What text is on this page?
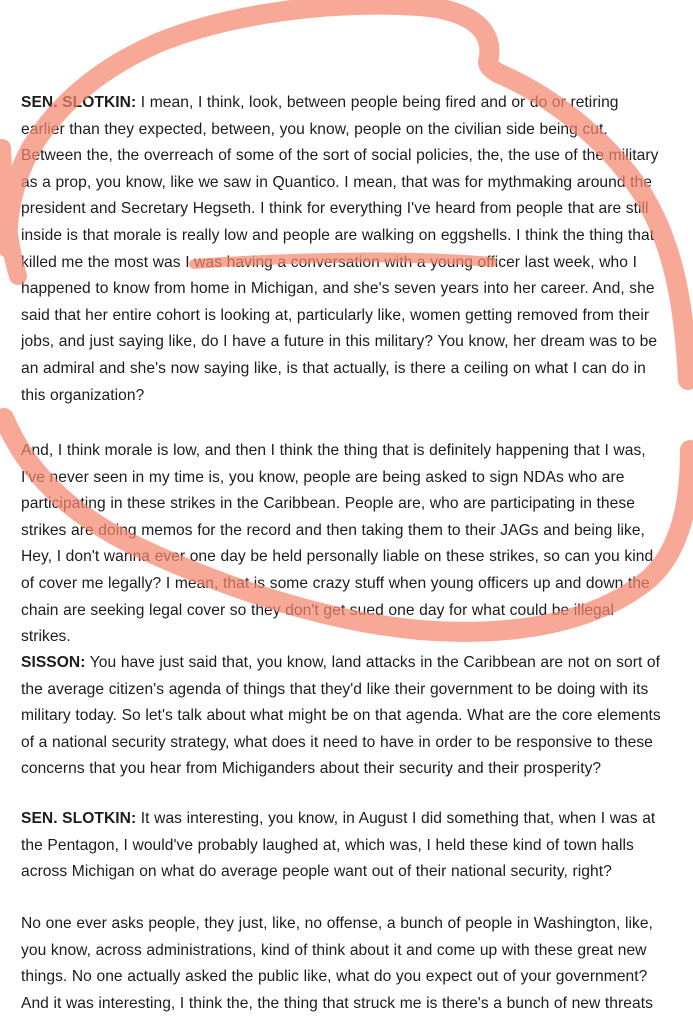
SEN. SLOTKIN: I mean, I think, look, between people being fired and or do or retiring earlier than they expected, between, you know, people on the civilian side being cut. Between the, the overreach of some of the sort of social policies, the, the use of the military as a prop, you know, like we saw in Quantico. I mean, that was for mythmaking around the president and Secretary Hegseth. I think for everything I've heard from people that are still inside is that morale is really low and people are walking on eggshells. I think the thing that killed me the most was I was having a conversation with a young officer last week, who I happened to know from home in Michigan, and she's seven years into her career. And, she said that her entire cohort is looking at, particularly like, women getting removed from their jobs, and just saying like, do I have a future in this military? You know, her dream was to be an admiral and she's now saying like, is that actually, is there a ceiling on what I can do in this organization?

And, I think morale is low, and then I think the thing that is definitely happening that I was, I've never seen in my time is, you know, people are being asked to sign NDAs who are participating in these strikes in the Caribbean. People are, who are participating in these strikes are doing memos for the record and then taking them to their JAGs and being like, Hey, I don't wanna ever one day be held personally liable on these strikes, so can you kind of cover me legally? I mean, that is some crazy stuff when young officers up and down the chain are seeking legal cover so they don't get sued one day for what could be illegal strikes.

SISSON: You have just said that, you know, land attacks in the Caribbean are not on sort of the average citizen's agenda of things that they'd like their government to be doing with its military today. So let's talk about what might be on that agenda. What are the core elements of a national security strategy, what does it need to have in order to be responsive to these concerns that you hear from Michiganders about their security and their prosperity?

SEN. SLOTKIN: It was interesting, you know, in August I did something that, when I was at the Pentagon, I would've probably laughed at, which was, I held these kind of town halls across Michigan on what do average people want out of their national security, right?

No one ever asks people, they just, like, no offense, a bunch of people in Washington, like, you know, across administrations, kind of think about it and come up with these great new things. No one actually asked the public like, what do you expect out of your government? And it was interesting, I think the, the thing that struck me is there's a bunch of new threats
